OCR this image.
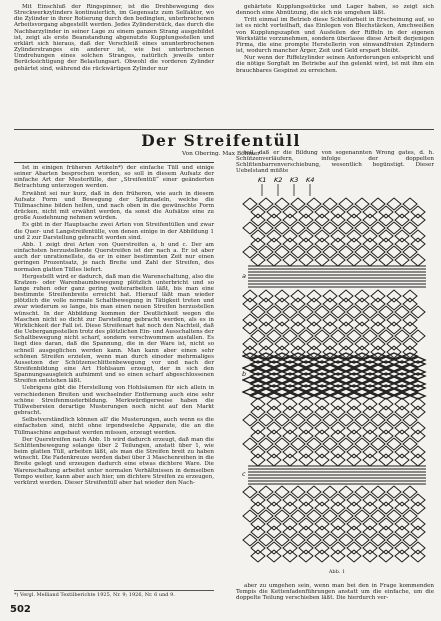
Mit Einschluß der Ringspinner, ist die Drehbewegung des Streckwerkzylinders kontinuierlich, im Gegensatz zum Selfaktor, wo die Zylinder in ihrer Rotierung durch den bedingten, unterbrochenen Arbeitsvorgang abgestellt werden. Jedes Zylinderstück, das durch die Nachbarzylinder in seiner Lage zu einem ganzen Strang ausgebildet ist, zeigt als erste Beanstandung abgenutzte Kupplungsstellen und erklärt sich hieraus, daß der Verschleiß eines ununterbrochenen Zylinderstranges ein anderer ist, wie bei unterbrochenen Umdrehungen eines solchen Stranges, natürlich jeweils unter Berücksichtigung der Belastungsart. Obwohl die vorderen Zylinder gehärtet sind, während die rückwärtigen Zylinder nur

gehärtete Kupplungsstücke und Lager haben, so zeigt sich dennoch eine Abnützung, die sich nie umgehen läßt.

Tritt einmal im Betrieb diese Schleifarbeit in Erscheinung auf, so ist es nicht vorteilhaft, das Einlegen von Blechstäcken, Amchweißen von Kupplungszapfen und Ausfeilen der Riffeln in der eigenen Werkstätte vorzunehmen, sondern überlasse diese Arbeit derjenigen Firma, die eine prompte Herstellerin von einwandfreien Zylindern ist, wodurch mancher Ärger, Zeit und Geld erspart bleibt.

Nur wenn der Riffelzylinder seinen Anforderungen entspricht und die nötige Sorgfalt im Betriebe auf ihn gelenkt wird, ist mit ihm ein brauchbares Gespinst zu erreichen.

Der Streifentüll
Von Obering. Max Böhmer

Ist in einigen früheren Artikeln*) der einfache Tüll und einige seiner Abarten besprochen worden, so soll in diesem Aufsatz der einfache Art der Musterfülle, der „Streifentüll“ einer geänderten Betrachtung unterzogen werden.

Erwähnt sei nur kurz, daß in den früheren, wie auch in diesem Aufsatz Form und Bewegung der Spitznadeln, welche die Tüllmaschine bilden helfen, und nach oben in die gewünschte Form drücken, nicht mit erwähnt werden, da sonst die Aufsätze eine zu große Ausdehnung nehmen würden.

Es gibt in der Hauptsache zwei Arten von Streifentüllen und zwar die Quer- und Langstreifentülle, von denen einige in der Abbildung 1 und 2 zur Darstellung gebracht worden sind.

Abb. 1 zeigt drei Arten von Querstreifen a, b und c. Der am einfachsten herzustellende Querstreifen ist der nach a. Er ist aber auch der unrationellste, da er in einer bestimmten Zeit nur einen geringen Prozentsatz, je nach Breite und Zahl der Streifen, des normalen glatten Tülles liefert.

Hergestellt wird er dadurch, daß man die Warenschaltung, also die Kratzen- oder Warenbaumbewegung plötzlich unterbricht und so lange ruhen oder ganz gering weiterarbeiten läßt, bis man eine bestimmte Streifenbreite erreicht hat. Hierauf läßt man wieder plötzlich die volle normale Schaltbewegung in Tätigkeit treten und zwar wiederum so lange, bis man einen neuen Streifen herzustellen wünscht. In der Abbildung kommen der Deutlichkeit wegen die Maschen nicht so dicht zur Darstellung gebracht werden, als es in Wirklichkeit der Fall ist. Diese Streifenart hat noch den Nachteil, daß die Uebergangsstellen trotz des plötzlichen Ein- und Ausschaltens der Schaltbewegung nicht scharf, sondern verschwommen ausfallen. Es liegt dies daran, daß die Spannung, die in der Ware ist, nicht so schnell ausgeglichen werden kann. Man kann aber einen sehr schönen Streifen erzielen, wenn man durch einoder mehrmaliges Aussetzen der Schützenschlittenbewegung vor und nach der Streifenbildung eine Art Hohlsaum erzeugt, der in sich den Spannungsausgleich aufnimmt und so einen scharf abgeschlossenen Streifen entstehen läßt.

Uebrigens gibt die Herstellung von Hohlsäumen für sich allein in verschiedenen Breiten und wechselnder Entfernung auch eine sehr schöne Streifenmusterbildung. Merkwürdigerweise haben die Tüllwebereien derartige Musterungen noch nicht auf den Markt gebracht.

Selbstverständlich können all' die Musterungen, auch wenn es die einfachsten sind, nicht ohne irgendwelche Apparate, die an die Tüllmaschine angebaut werden müssen, erzeugt werden.

Der Querstreifen nach Abb. 1b wird dadurch erzeugt, daß man die Schlittenbewegung solange über 2 Teilungen, anstatt über 1, wie beim glatten Tüll, arbeiten läßt, als man die Streifen breit zu haben wünscht. Die Fadenkreuze werden dabei über 3 Maschenreihen in die Breite gelegt und erzeugen dadurch eine etwas dichtere Ware. Die Warenschaltung arbeitet unter normalen Verhältnissen in demselben Tempo weiter, kann aber auch hier, um dichtere Streifen zu erzeugen, verkürzt werden. Dieser Streifentüll aber hat wieder den Nach-

teil, daß er die Bildung von sogenannten Wrong gates, d. h. Schützenverläufern, infolge der doppelten Schlittenbarrenverschiebung, wesentlich begünstigt. Dieser Uebelstand müßte

K1 K2 K3 K4
a
b
c
Abb. 1

aber zu umgehen sein, wenn man bei den in Frage kommenden Tempis die Kettenfadenführungen anstatt um die einfache, um die doppelte Teilung verschieben läßt. Die hierdurch ver-

*) Vergl. Melliand Textilberichte 1925, Nr. 9; 1926, Nr. 6 und 9.
502
